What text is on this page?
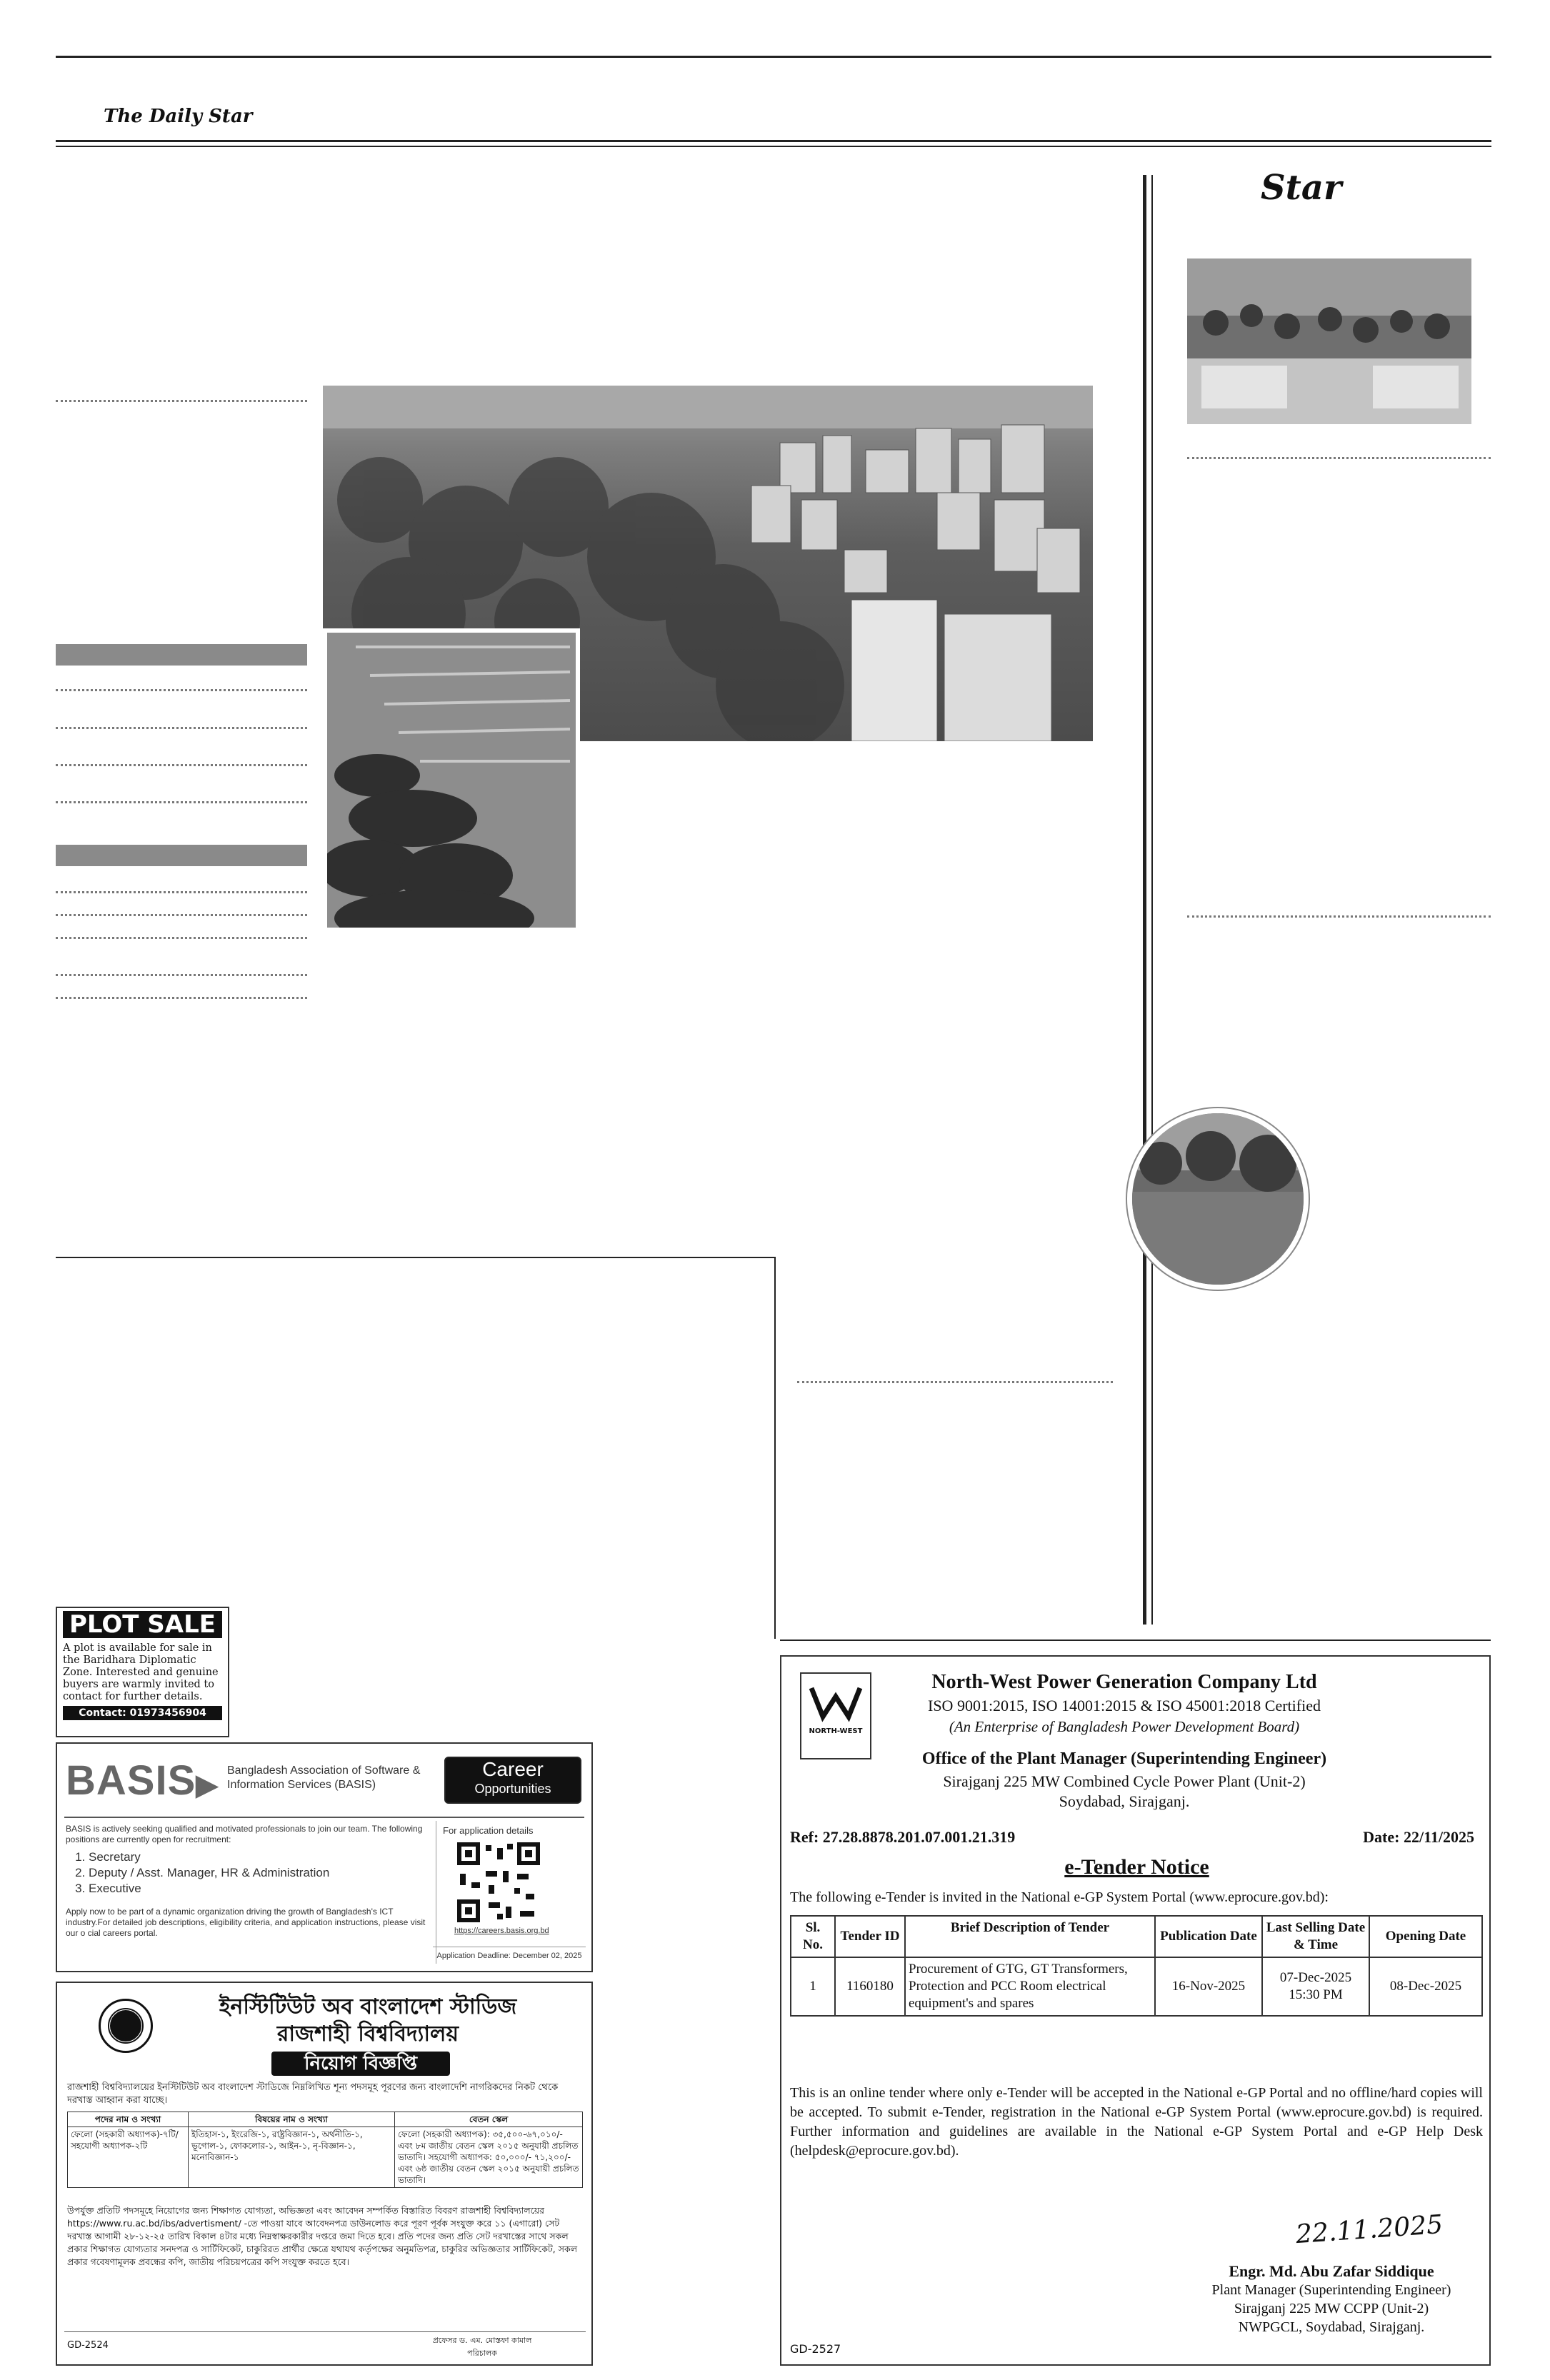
The Daily Star
Star
PLOT SALE
A plot is available for sale in the Baridhara Diplomatic Zone. Interested and genuine buyers are warmly invited to contact for further details.
Contact: 01973456904
BASIS▶ Bangladesh Association of Software & Information Services (BASIS)
Career
Opportunities
BASIS is actively seeking qualified and motivated professionals to join our team. The following positions are currently open for recruitment:
1. Secretary
2. Deputy / Asst. Manager, HR & Administration
3. Executive
Apply now to be part of a dynamic organization driving the growth of Bangladesh's ICT industry.For detailed job descriptions, eligibility criteria, and application instructions, please visit our o cial careers portal.
For application details
https://careers.basis.org.bd
Application Deadline: December 02, 2025
ইনস্টিটিউট অব বাংলাদেশ স্টাডিজ
রাজশাহী বিশ্ববিদ্যালয়
নিয়োগ বিজ্ঞপ্তি
রাজশাহী বিশ্ববিদ্যালয়ের ইনস্টিটিউট অব বাংলাদেশ স্টাডিজে নিম্নলিখিত শূন্য পদসমূহ পূরণের জন্য বাংলাদেশি নাগরিকদের নিকট থেকে দরখাস্ত আহ্বান করা যাচ্ছে।
পদের নাম ও সংখ্যা	বিষয়ের নাম ও সংখ্যা	বেতন স্কেল
ফেলো (সহকারী অধ্যাপক)-৭টি/ সহযোগী অধ্যাপক-২টি	ইতিহাস-১, ইংরেজি-১, রাষ্ট্রবিজ্ঞান-১, অর্থনীতি-১, ভূগোল-১, ফোকলোর-১, আইন-১, নৃ-বিজ্ঞান-১, মনোবিজ্ঞান-১	ফেলো (সহকারী অধ্যাপক): ৩৫,৫০০-৬৭,০১০/- এবং ৮ম জাতীয় বেতন স্কেল ২০১৫ অনুযায়ী প্রচলিত ভাতাদি। সহযোগী অধ্যাপক: ৫০,০০০/- ৭১,২০০/- এবং ৬ষ্ঠ জাতীয় বেতন স্কেল ২০১৫ অনুযায়ী প্রচলিত ভাতাদি।
উপর্যুক্ত প্রতিটি পদসমূহে নিয়োগের জন্য শিক্ষাগত যোগ্যতা, অভিজ্ঞতা এবং আবেদন সম্পর্কিত বিস্তারিত বিবরণ রাজশাহী বিশ্ববিদ্যালয়ের https://www.ru.ac.bd/ibs/advertisment/ -তে পাওয়া যাবে আবেদনপত্র ডাউনলোড করে পূরণ পূর্বক সংযুক্ত করে ১১ (এগারো) সেট দরখাস্ত আগামী ২৮-১২-২৫ তারিখ বিকাল ৪টার মধ্যে নিম্নস্বাক্ষরকারীর দপ্তরে জমা দিতে হবে। প্রতি পদের জন্য প্রতি সেট দরখাস্তের সাথে সকল প্রকার শিক্ষাগত যোগ্যতার সনদপত্র ও সার্টিফিকেট, চাকুরিরত প্রার্থীর ক্ষেত্রে যথাযথ কর্তৃপক্ষের অনুমতিপত্র, চাকুরির অভিজ্ঞতার সার্টিফিকেট, সকল প্রকার গবেষণামূলক প্রবন্ধের কপি, জাতীয় পরিচয়পত্রের কপি সংযুক্ত করতে হবে।
GD-2524	প্রফেসর ড. এম. মোস্তফা কামাল
পরিচালক
NORTH-WEST
North-West Power Generation Company Ltd
ISO 9001:2015, ISO 14001:2015 & ISO 45001:2018 Certified
(An Enterprise of Bangladesh Power Development Board)
Office of the Plant Manager (Superintending Engineer)
Sirajganj 225 MW Combined Cycle Power Plant (Unit-2)
Soydabad, Sirajganj.
Ref: 27.28.8878.201.07.001.21.319	Date: 22/11/2025
e-Tender Notice
The following e-Tender is invited in the National e-GP System Portal (www.eprocure.gov.bd):
Sl. No.	Tender ID	Brief Description of Tender	Publication Date	Last Selling Date & Time	Opening Date
1	1160180	Procurement of GTG, GT Transformers, Protection and PCC Room electrical equipment's and spares	16-Nov-2025	07-Dec-2025 15:30 PM	08-Dec-2025
This is an online tender where only e-Tender will be accepted in the National e-GP Portal and no offline/hard copies will be accepted. To submit e-Tender, registration in the National e-GP System Portal (www.eprocure.gov.bd) is required. Further information and guidelines are available in the National e-GP System Portal and e-GP Help Desk (helpdesk@eprocure.gov.bd).
22.11.2025
Engr. Md. Abu Zafar Siddique
Plant Manager (Superintending Engineer)
Sirajganj 225 MW CCPP (Unit-2)
NWPGCL, Soydabad, Sirajganj.
GD-2527
